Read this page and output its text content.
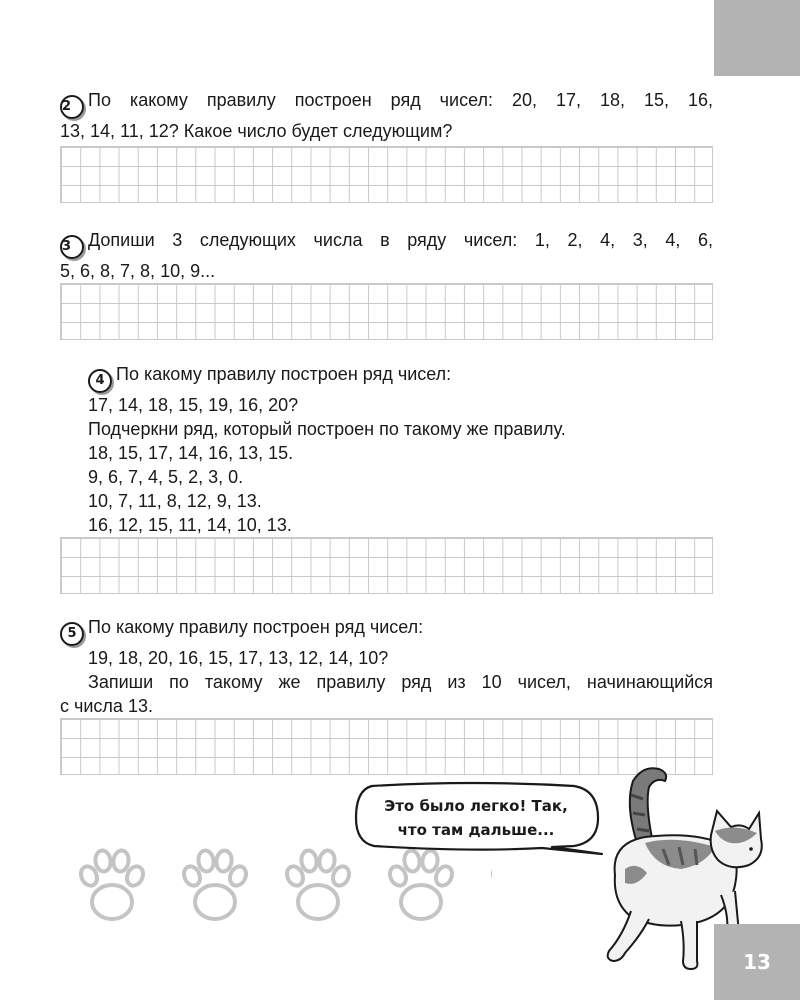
2 По какому правилу построен ряд чисел: 20, 17, 18, 15, 16,
13, 14, 11, 12? Какое число будет следующим?
3 Допиши 3 следующих числа в ряду чисел: 1, 2, 4, 3, 4, 6,
5, 6, 8, 7, 8, 10, 9...
4 По какому правилу построен ряд чисел:
17, 14, 18, 15, 19, 16, 20?
Подчеркни ряд, который построен по такому же правилу.
18, 15, 17, 14, 16, 13, 15.
9, 6, 7, 4, 5, 2, 3, 0.
10, 7, 11, 8, 12, 9, 13.
16, 12, 15, 11, 14, 10, 13.
5 По какому правилу построен ряд чисел:
19, 18, 20, 16, 15, 17, 13, 12, 14, 10?
Запиши по такому же правилу ряд из 10 чисел, начинающийся
с числа 13.
Это было легко! Так,
что там дальше...
13
